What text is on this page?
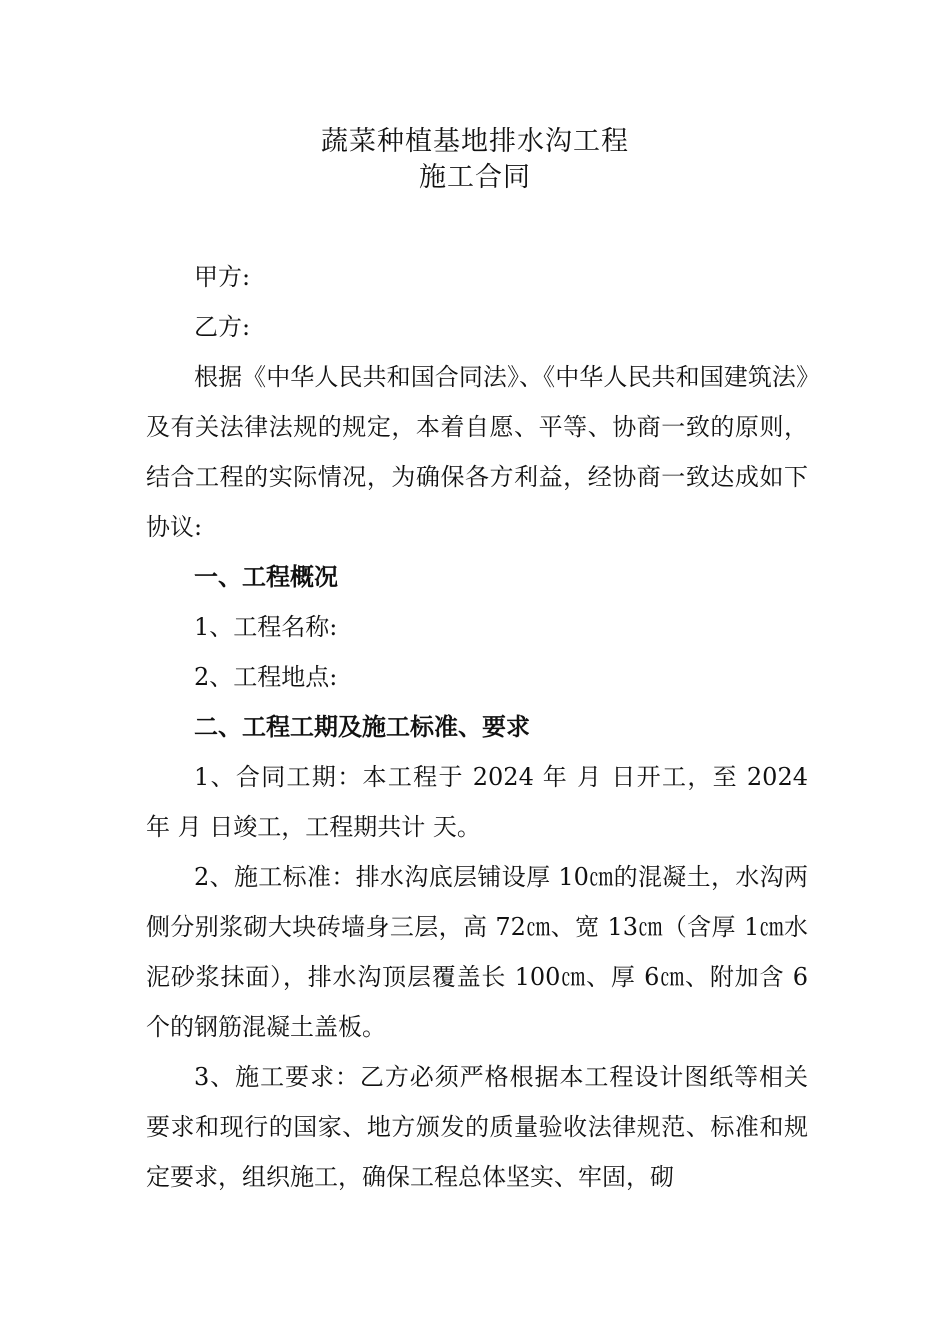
蔬菜种植基地排水沟工程
施工合同

甲方:

乙方:

根据《中华人民共和国合同法》、《中华人民共和国建筑法》及有关法律法规的规定，本着自愿、平等、协商一致的原则，结合工程的实际情况，为确保各方利益，经协商一致达成如下协议:

一、工程概况

1、工程名称:

2、工程地点:

二、工程工期及施工标准、要求

1、合同工期：本工程于 2024 年 月 日开工，至 2024 年 月 日竣工，工程期共计 天。

2、施工标准：排水沟底层铺设厚 10㎝的混凝土，水沟两侧分别浆砌大块砖墙身三层，高 72㎝、宽 13㎝（含厚 1㎝水泥砂浆抹面），排水沟顶层覆盖长 100㎝、厚 6㎝、附加含 6 个的钢筋混凝土盖板。

3、施工要求：乙方必须严格根据本工程设计图纸等相关要求和现行的国家、地方颁发的质量验收法律规范、标准和规定要求，组织施工，确保工程总体坚实、牢固，砌
